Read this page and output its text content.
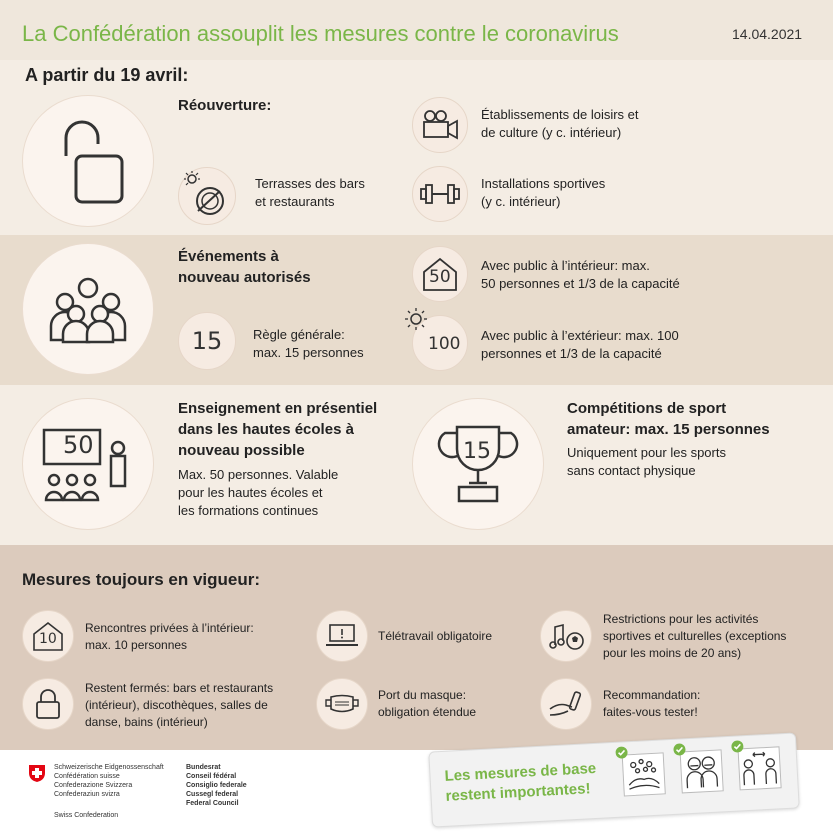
La Confédération assouplit les mesures contre le coronavirus	14.04.2021
A partir du 19 avril:
Réouverture:
Terrasses des bars
et restaurants
Établissements de loisirs et
de culture (y c. intérieur)
Installations sportives
(y c. intérieur)
Événements à
nouveau autorisés
15 Règle générale:
max. 15 personnes
50
Avec public à l’intérieur: max.
50 personnes et 1/3 de la capacité
100 Avec public à l’extérieur: max. 100
personnes et 1/3 de la capacité
50
Enseignement en présentiel
dans les hautes écoles à
nouveau possible
Max. 50 personnes. Valable
pour les hautes écoles et
les formations continues
15
Compétitions de sport
amateur: max. 15 personnes
Uniquement pour les sports
sans contact physique
Mesures toujours en vigueur:
10
Rencontres privées à l’intérieur:
max. 10 personnes
Télétravail obligatoire
Restrictions pour les activités
sportives et culturelles (exceptions
pour les moins de 20 ans)
Restent fermés: bars et restaurants
(intérieur), discothèques, salles de
danse, bains (intérieur)
Port du masque:
obligation étendue
Recommandation:
faites-vous tester!
Schweizerische Eidgenossenschaft
Confédération suisse
Confederazione Svizzera
Confederaziun svizra
Swiss Confederation
Bundesrat
Conseil fédéral
Consiglio federale
Cussegl federal
Federal Council
Les mesures de base
restent importantes!
